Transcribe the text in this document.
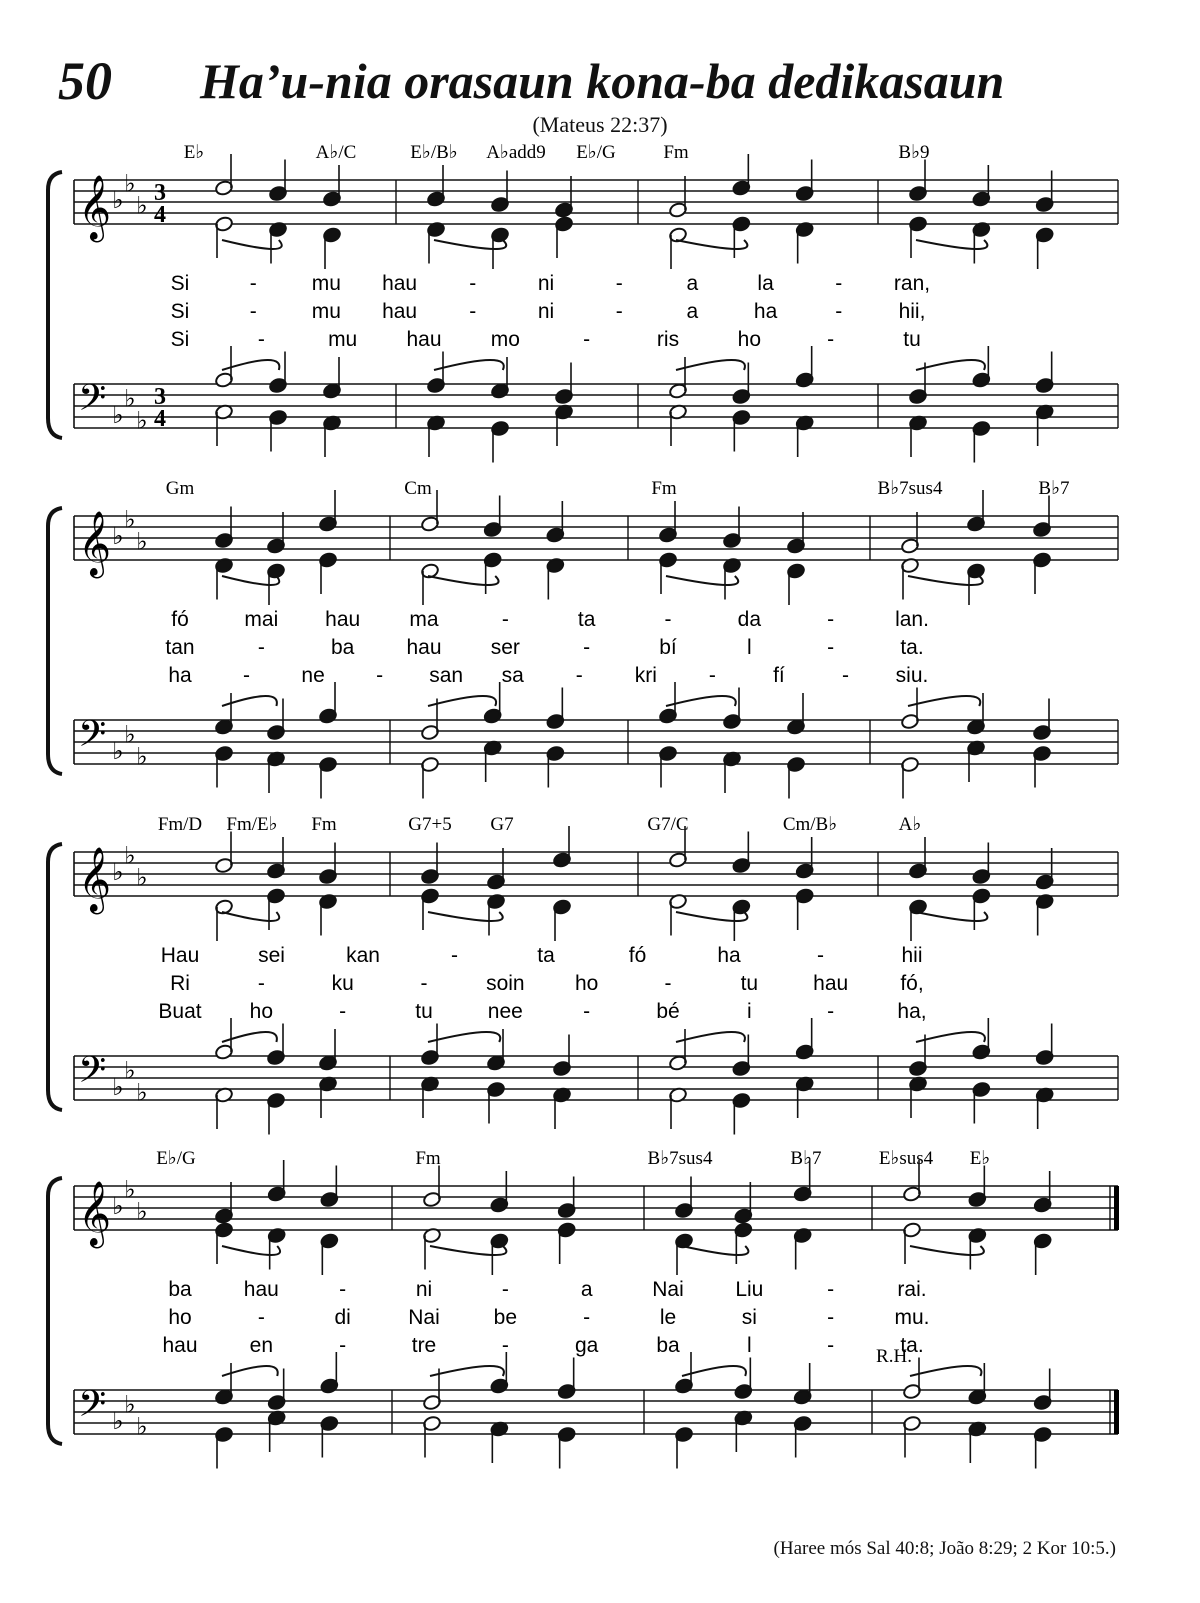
50 Ha’u-nia orasaun kona-ba dedikasaun
(Mateus 22:37)
𝄞 ♭
♭
♭ 3
4
𝄢 ♭
♭
♭
3
4
E♭	A♭/C	E♭/B♭ A♭add9 E♭/G	Fm	B♭9
Si	-	mu hau -	ni	-	a	la	- ran,
Si	-	mu hau -	ni	-	a	ha	-	hii,
Si	-	mu hau mo	-	ris	ho	-	tu
𝄞 ♭
♭
♭
𝄢 ♭
♭
♭
Gm	Cm	Fm	B♭7sus4	B♭7
fó	mai hau ma	-	ta	-	da	-	lan.
tan	-	ba hau ser	-	bí	l	-	ta.
ha - ne - san sa - kri -	fí	- siu.
𝄞 ♭
♭
♭
𝄢 ♭
♭
♭
Fm/D Fm/E♭ Fm	G7+5 G7	G7/C	Cm/B♭	A♭
Hau	sei	kan	-	ta	fó	ha	-	hii
Ri	-	ku	-	soin ho	-	tu	hau fó,
Buat ho	-	tu	nee	-	bé	i	-	ha,
𝄞 ♭
♭
♭
𝄢 ♭
♭
♭
E♭/G	Fm	B♭7sus4	B♭7	E♭sus4 E♭
ba hau	-	ni	-	a	Nai Liu	-	rai.
ho	-	di	Nai	be	-	le	si	-	mu.
hau en	-	tre	-	ga	ba	l	-	ta.
R.H.
(Haree mós Sal 40:8; João 8:29; 2 Kor 10:5.)
